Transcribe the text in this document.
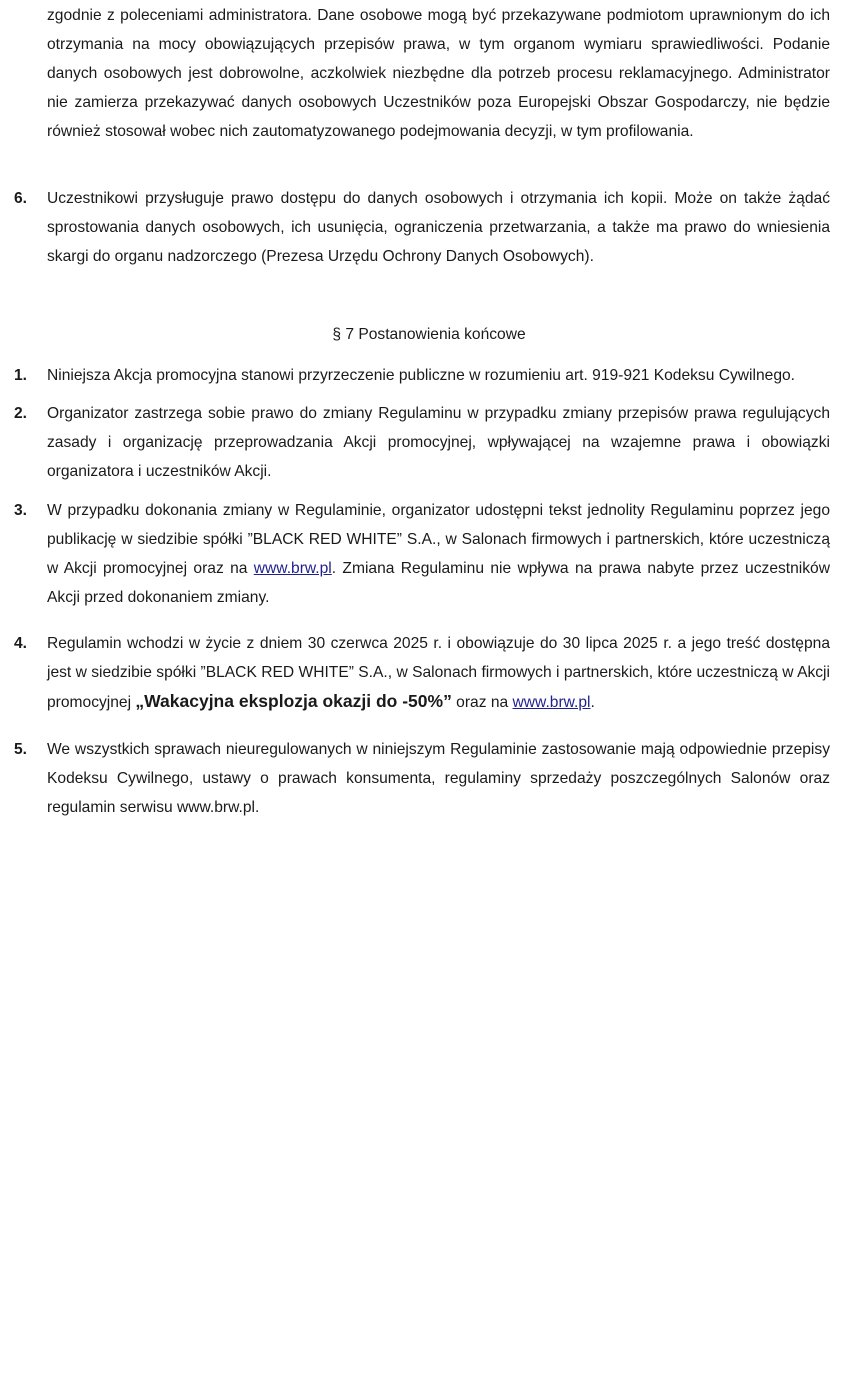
zgodnie z poleceniami administratora. Dane osobowe mogą być przekazywane podmiotom uprawnionym do ich otrzymania na mocy obowiązujących przepisów prawa, w tym organom wymiaru sprawiedliwości. Podanie danych osobowych jest dobrowolne, aczkolwiek niezbędne dla potrzeb procesu reklamacyjnego. Administrator nie zamierza przekazywać danych osobowych Uczestników poza Europejski Obszar Gospodarczy, nie będzie również stosował wobec nich zautomatyzowanego podejmowania decyzji, w tym profilowania.

6. Uczestnikowi przysługuje prawo dostępu do danych osobowych i otrzymania ich kopii. Może on także żądać sprostowania danych osobowych, ich usunięcia, ograniczenia przetwarzania, a także ma prawo do wniesienia skargi do organu nadzorczego (Prezesa Urzędu Ochrony Danych Osobowych).

§ 7 Postanowienia końcowe
1. Niniejsza Akcja promocyjna stanowi przyrzeczenie publiczne w rozumieniu art. 919-921 Kodeksu Cywilnego.

2. Organizator zastrzega sobie prawo do zmiany Regulaminu w przypadku zmiany przepisów prawa regulujących zasady i organizację przeprowadzania Akcji promocyjnej, wpływającej na wzajemne prawa i obowiązki organizatora i uczestników Akcji.

3. W przypadku dokonania zmiany w Regulaminie, organizator udostępni tekst jednolity Regulaminu poprzez jego publikację w siedzibie spółki ”BLACK RED WHITE” S.A., w Salonach firmowych i partnerskich, które uczestniczą w Akcji promocyjnej oraz na www.brw.pl. Zmiana Regulaminu nie wpływa na prawa nabyte przez uczestników Akcji przed dokonaniem zmiany.

4. Regulamin wchodzi w życie z dniem 30 czerwca 2025 r. i obowiązuje do 30 lipca 2025 r. a jego treść dostępna jest w siedzibie spółki ”BLACK RED WHITE” S.A., w Salonach firmowych i partnerskich, które uczestniczą w Akcji promocyjnej „Wakacyjna eksplozja okazji do -50%” oraz na www.brw.pl.

5. We wszystkich sprawach nieuregulowanych w niniejszym Regulaminie zastosowanie mają odpowiednie przepisy Kodeksu Cywilnego, ustawy o prawach konsumenta, regulaminy sprzedaży poszczególnych Salonów oraz regulamin serwisu www.brw.pl.
